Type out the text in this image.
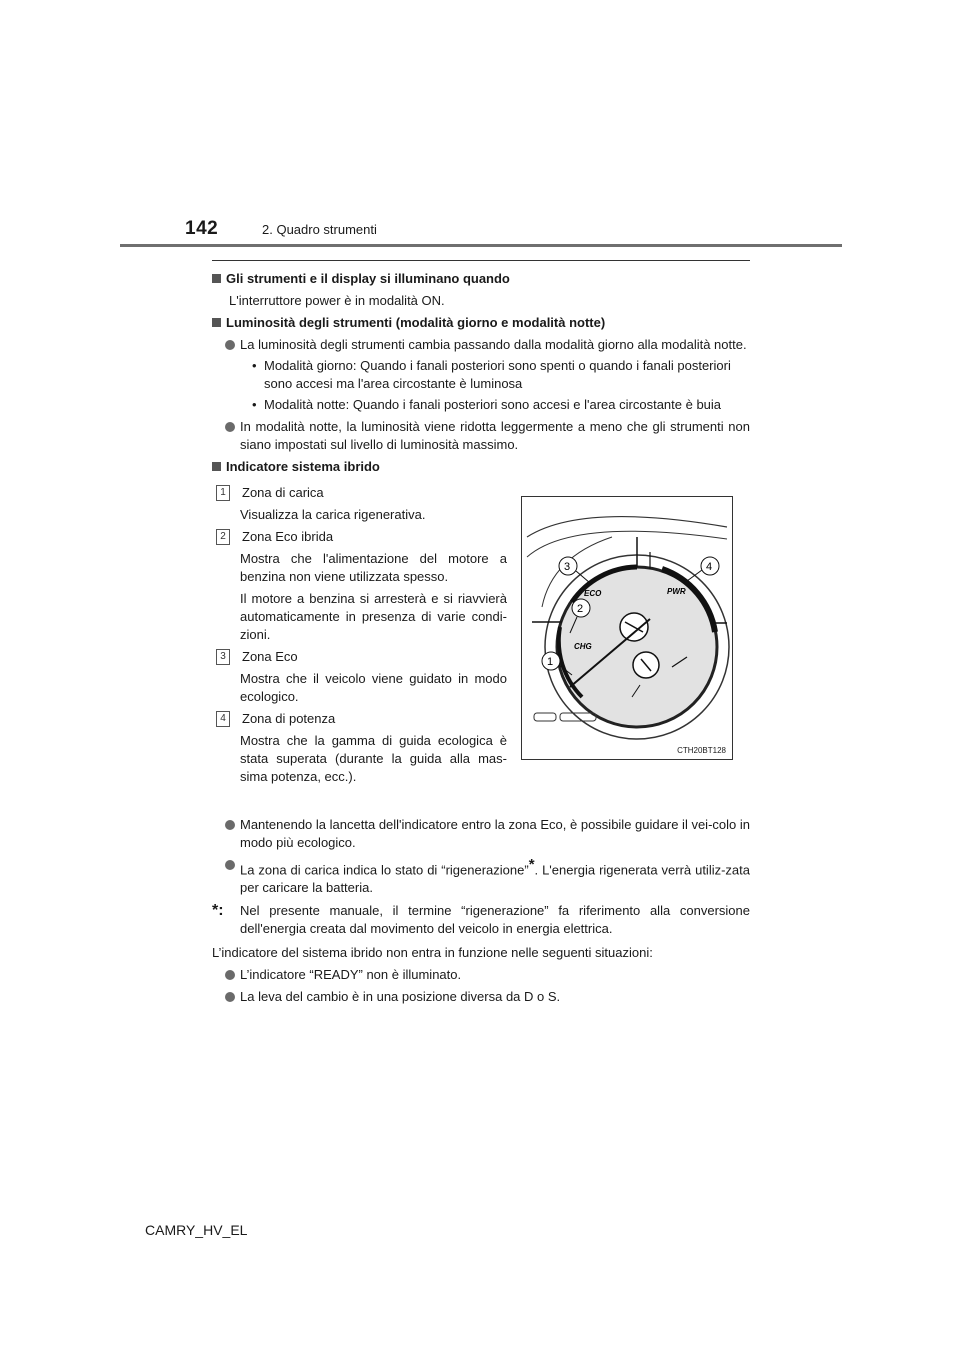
142	2. Quadro strumenti
Gli strumenti e il display si illuminano quando
L'interruttore power è in modalità ON.
Luminosità degli strumenti (modalità giorno e modalità notte)
La luminosità degli strumenti cambia passando dalla modalità giorno alla modalità notte.
• Modalità giorno: Quando i fanali posteriori sono spenti o quando i fanali posteriori sono accesi ma l'area circostante è luminosa
• Modalità notte: Quando i fanali posteriori sono accesi e l'area circostante è buia
In modalità notte, la luminosità viene ridotta leggermente a meno che gli strumenti non siano impostati sul livello di luminosità massimo.
Indicatore sistema ibrido
1	Zona di carica
Visualizza la carica rigenerativa.
2	Zona Eco ibrida
Mostra che l'alimentazione del motore a benzina non viene utilizzata spesso.
Il motore a benzina si arresterà e si riavvierà automaticamente in presenza di varie condi-zioni.
3	Zona Eco
Mostra che il veicolo viene guidato in modo ecologico.
4	Zona di potenza
Mostra che la gamma di guida ecologica è stata superata (durante la guida alla mas-sima potenza, ecc.).
Mantenendo la lancetta dell'indicatore entro la zona Eco, è possibile guidare il vei-colo in modo più ecologico.
La zona di carica indica lo stato di “rigenerazione”*. L'energia rigenerata verrà utiliz-zata per caricare la batteria.
*:	Nel presente manuale, il termine “rigenerazione” fa riferimento alla conversione dell'energia creata dal movimento del veicolo in energia elettrica.
L’indicatore del sistema ibrido non entra in funzione nelle seguenti situazioni:
L’indicatore “READY” non è illuminato.
La leva del cambio è in una posizione diversa da D o S.
ECO	PWR
CHG
3	4
2
1
CTH20BT128
CAMRY_HV_EL
